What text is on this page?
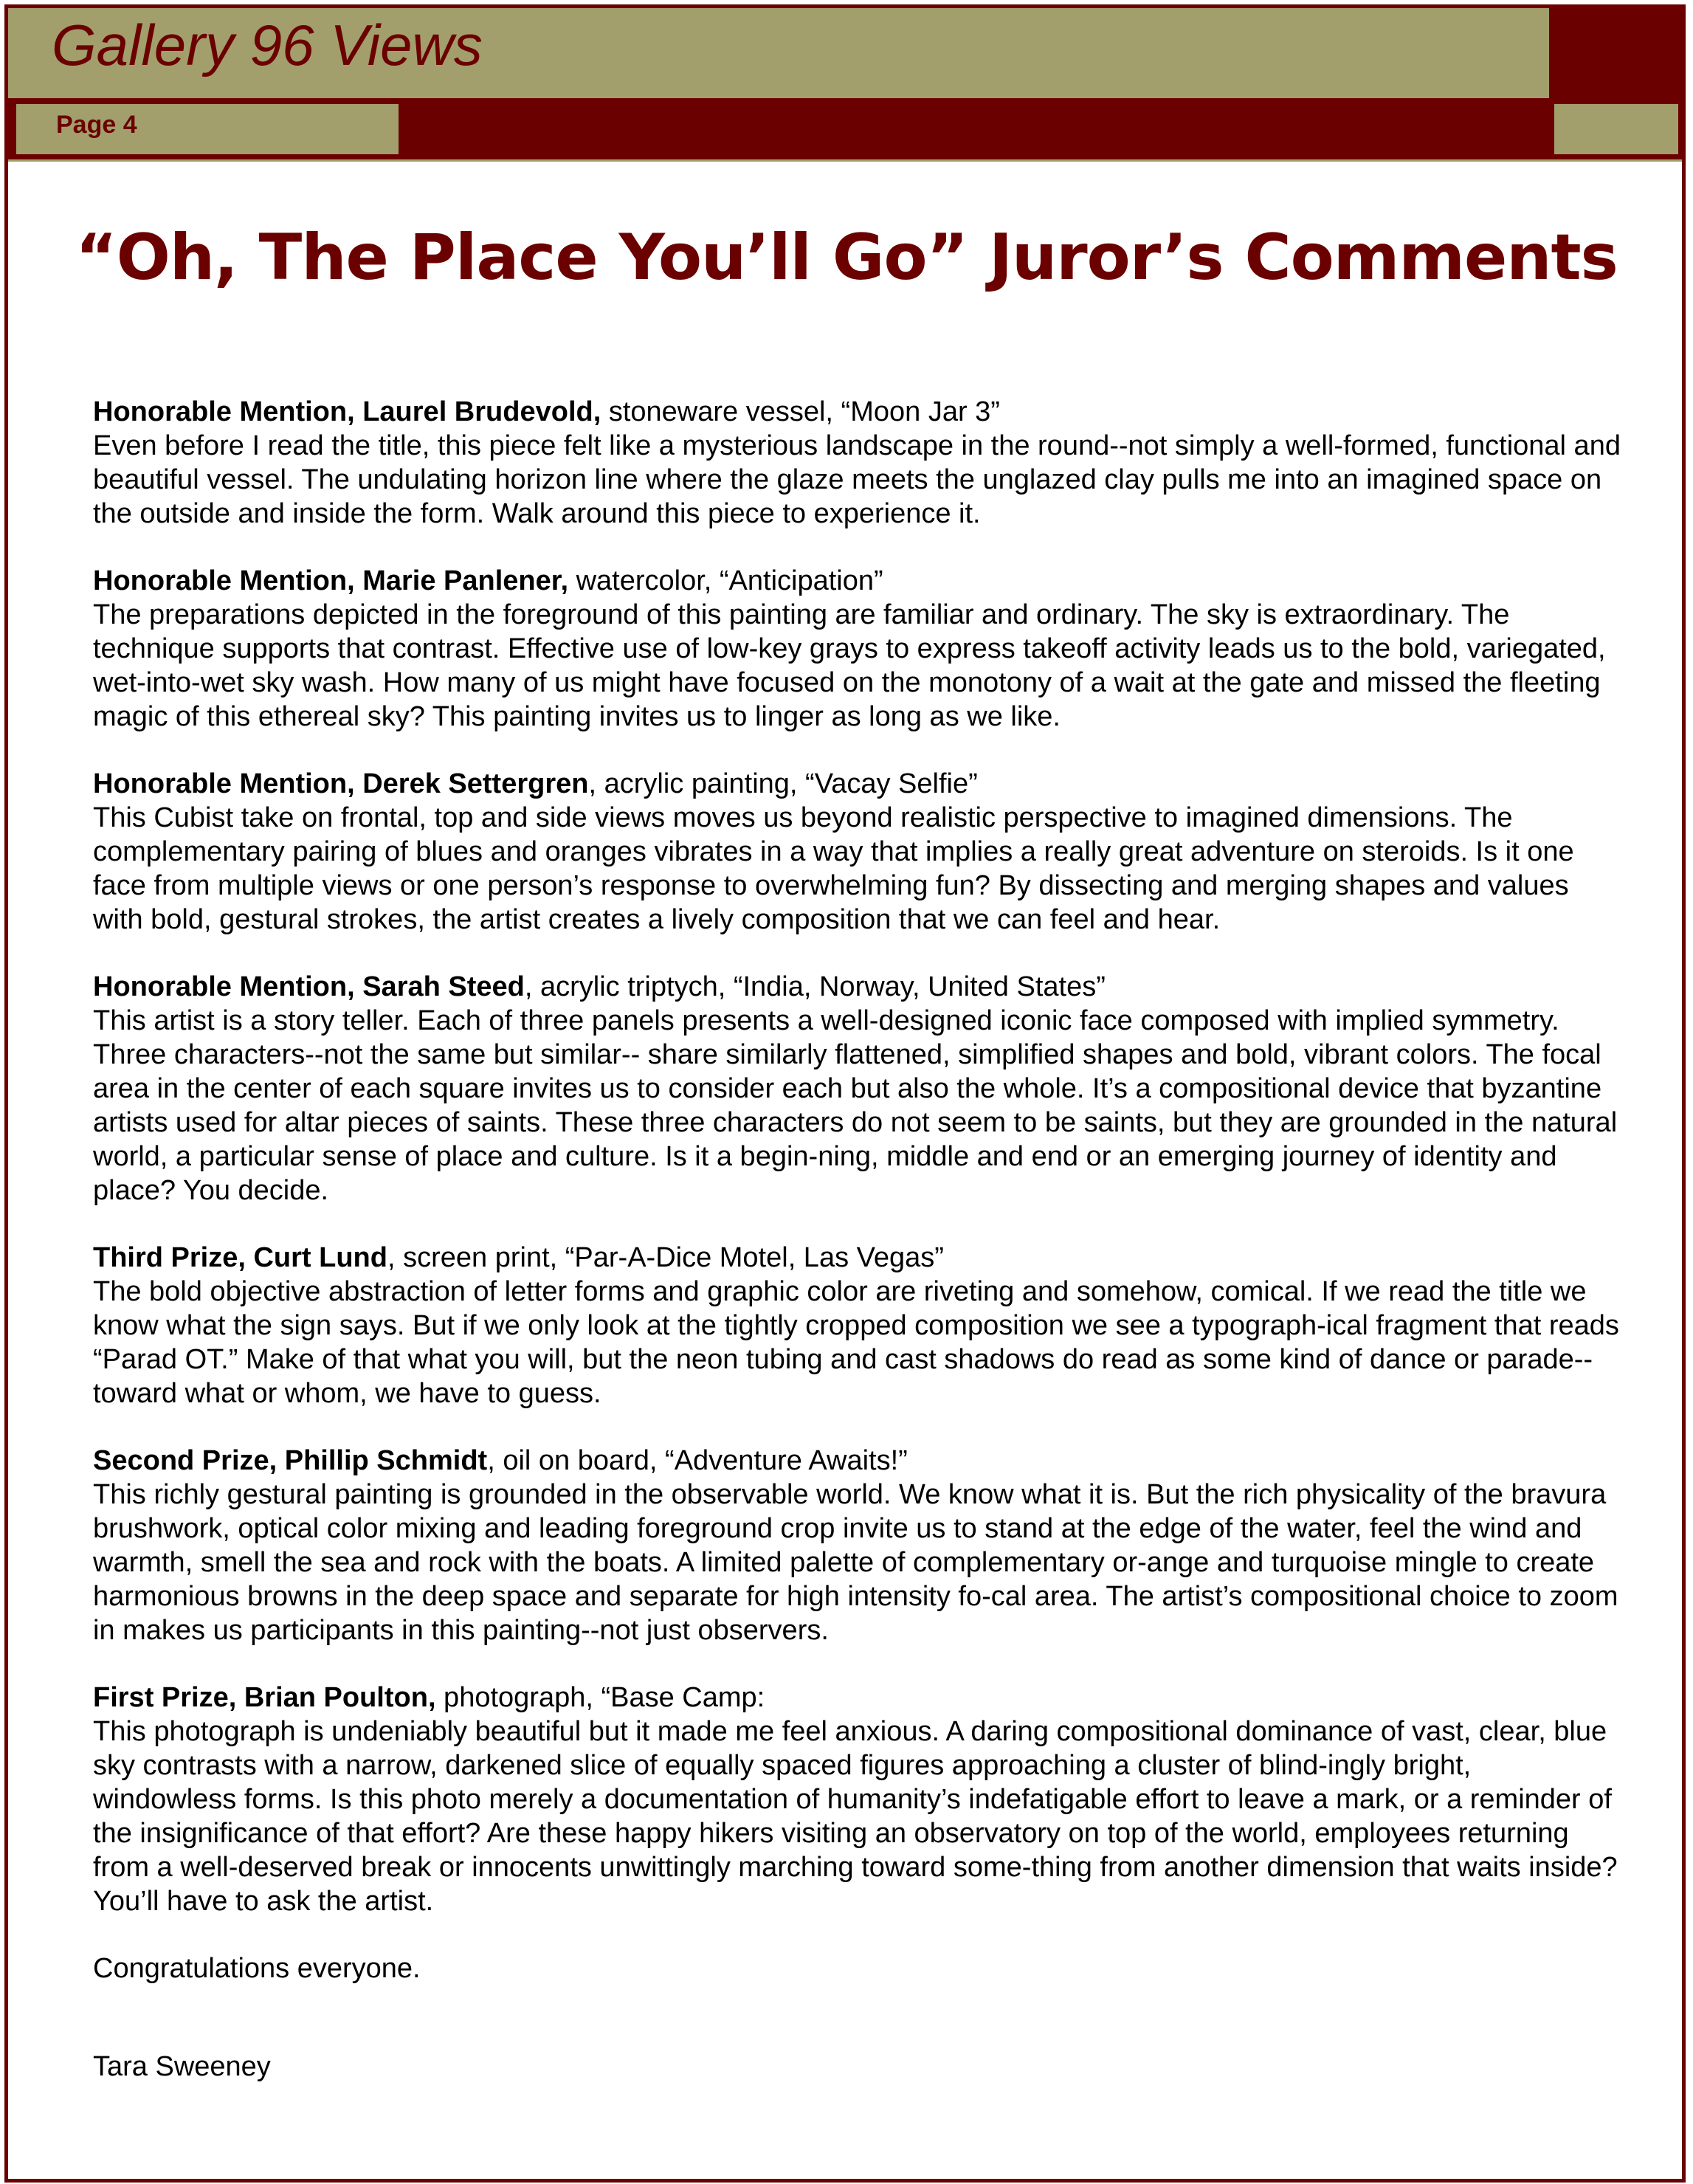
Gallery 96 Views
Page 4
“Oh, The Place You’ll Go” Juror’s Comments
Honorable Mention, Laurel Brudevold, stoneware vessel, “Moon Jar 3”
Even before I read the title, this piece felt like a mysterious landscape in the round--not simply a well-formed, functional and beautiful vessel. The undulating horizon line where the glaze meets the unglazed clay pulls me into an imagined space on the outside and inside the form. Walk around this piece to experience it.
Honorable Mention, Marie Panlener, watercolor, “Anticipation”
The preparations depicted in the foreground of this painting are familiar and ordinary. The sky is extraordinary. The technique supports that contrast. Effective use of low-key grays to express takeoff activity leads us to the bold, variegated, wet-into-wet sky wash. How many of us might have focused on the monotony of a wait at the gate and missed the fleeting magic of this ethereal sky? This painting invites us to linger as long as we like.
Honorable Mention, Derek Settergren, acrylic painting, “Vacay Selfie”
This Cubist take on frontal, top and side views moves us beyond realistic perspective to imagined dimensions. The complementary pairing of blues and oranges vibrates in a way that implies a really great adventure on steroids. Is it one face from multiple views or one person’s response to overwhelming fun? By dissecting and merging shapes and values with bold, gestural strokes, the artist creates a lively composition that we can feel and hear.
Honorable Mention, Sarah Steed, acrylic triptych, “India, Norway, United States”
This artist is a story teller. Each of three panels presents a well-designed iconic face composed with implied symmetry. Three characters--not the same but similar-- share similarly flattened, simplified shapes and bold, vibrant colors. The focal area in the center of each square invites us to consider each but also the whole. It’s a compositional device that byzantine artists used for altar pieces of saints. These three characters do not seem to be saints, but they are grounded in the natural world, a particular sense of place and culture. Is it a begin-ning, middle and end or an emerging journey of identity and place? You decide.
Third Prize, Curt Lund, screen print, “Par-A-Dice Motel, Las Vegas”
The bold objective abstraction of letter forms and graphic color are riveting and somehow, comical. If we read the title we know what the sign says. But if we only look at the tightly cropped composition we see a typograph-ical fragment that reads “Parad OT.” Make of that what you will, but the neon tubing and cast shadows do read as some kind of dance or parade--toward what or whom, we have to guess.
Second Prize, Phillip Schmidt, oil on board, “Adventure Awaits!”
This richly gestural painting is grounded in the observable world. We know what it is. But the rich physicality of the bravura brushwork, optical color mixing and leading foreground crop invite us to stand at the edge of the water, feel the wind and warmth, smell the sea and rock with the boats. A limited palette of complementary or-ange and turquoise mingle to create harmonious browns in the deep space and separate for high intensity fo-cal area. The artist’s compositional choice to zoom in makes us participants in this painting--not just observers.
First Prize, Brian Poulton, photograph, “Base Camp:
This photograph is undeniably beautiful but it made me feel anxious. A daring compositional dominance of vast, clear, blue sky contrasts with a narrow, darkened slice of equally spaced figures approaching a cluster of blind-ingly bright, windowless forms. Is this photo merely a documentation of humanity’s indefatigable effort to leave a mark, or a reminder of the insignificance of that effort? Are these happy hikers visiting an observatory on top of the world, employees returning from a well-deserved break or innocents unwittingly marching toward some-thing from another dimension that waits inside? You’ll have to ask the artist.

Congratulations everyone.

Tara Sweeney
